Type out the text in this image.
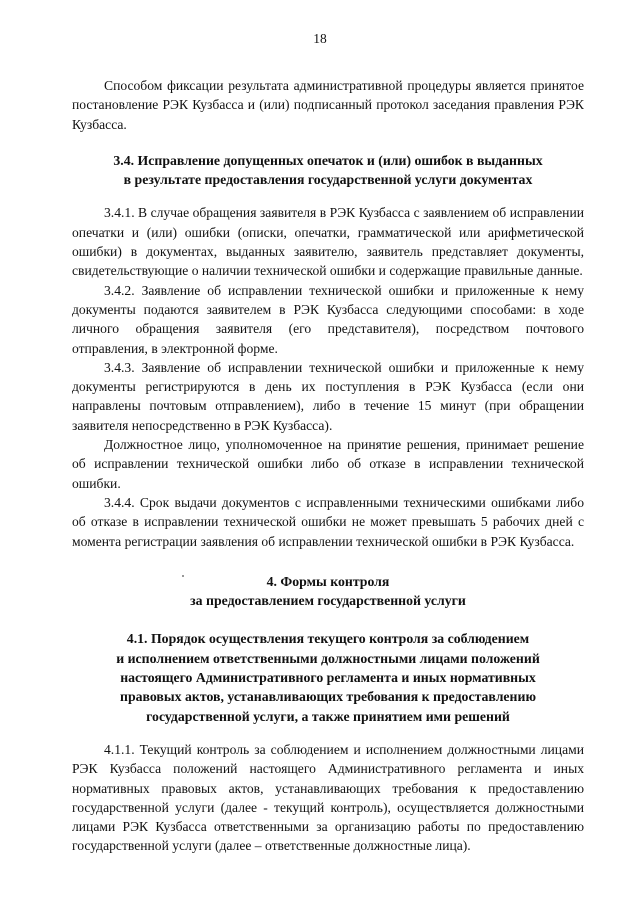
18

Способом фиксации результата административной процедуры является принятое постановление РЭК Кузбасса и (или) подписанный протокол заседания правления РЭК Кузбасса.

3.4. Исправление допущенных опечаток и (или) ошибок в выданных

в результате предоставления государственной услуги документах

3.4.1. В случае обращения заявителя в РЭК Кузбасса с заявлением об исправлении опечатки и (или) ошибки (описки, опечатки, грамматической или арифметической ошибки) в документах, выданных заявителю, заявитель представляет документы, свидетельствующие о наличии технической ошибки и содержащие правильные данные.

3.4.2. Заявление об исправлении технической ошибки и приложенные к нему документы подаются заявителем в РЭК Кузбасса следующими способами: в ходе личного обращения заявителя (его представителя), посредством почтового отправления, в электронной форме.

3.4.3. Заявление об исправлении технической ошибки и приложенные к нему документы регистрируются в день их поступления в РЭК Кузбасса (если они направлены почтовым отправлением), либо в течение 15 минут (при обращении заявителя непосредственно в РЭК Кузбасса).

Должностное лицо, уполномоченное на принятие решения, принимает решение об исправлении технической ошибки либо об отказе в исправлении технической ошибки.

3.4.4. Срок выдачи документов с исправленными техническими ошибками либо об отказе в исправлении технической ошибки не может превышать 5 рабочих дней с момента регистрации заявления об исправлении технической ошибки в РЭК Кузбасса.

4. Формы контроля

за предоставлением государственной услуги

4.1. Порядок осуществления текущего контроля за соблюдением

и исполнением ответственными должностными лицами положений

настоящего Административного регламента и иных нормативных

правовых актов, устанавливающих требования к предоставлению

государственной услуги, а также принятием ими решений

4.1.1. Текущий контроль за соблюдением и исполнением должностными лицами РЭК Кузбасса положений настоящего Административного регламента и иных нормативных правовых актов, устанавливающих требования к предоставлению государственной услуги (далее - текущий контроль), осуществляется должностными лицами РЭК Кузбасса ответственными за организацию работы по предоставлению государственной услуги (далее – ответственные должностные лица).
